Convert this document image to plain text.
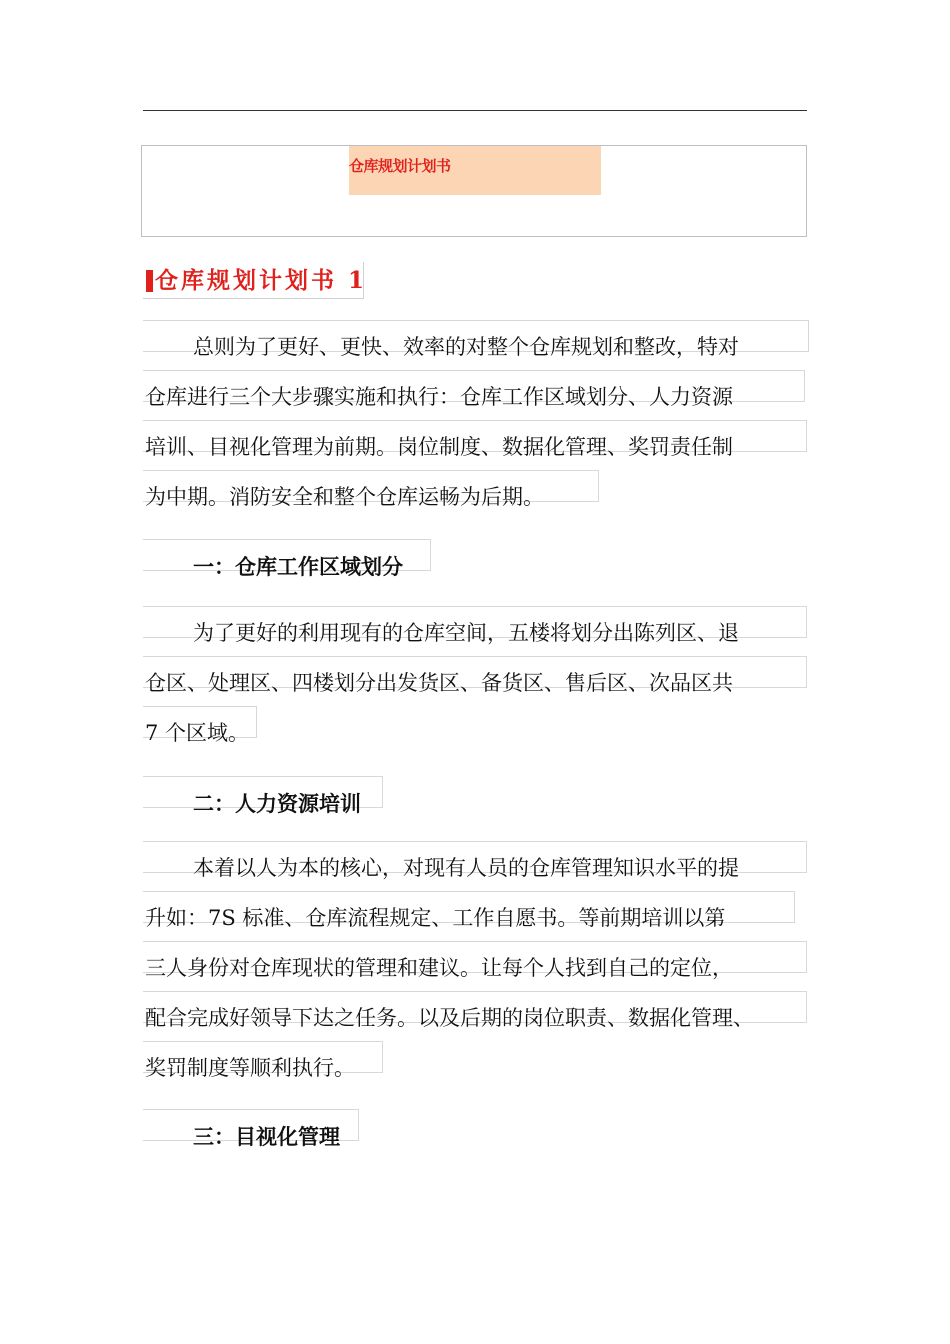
仓库规划计划书
仓库规划计划书 1
总则为了更好、更快、效率的对整个仓库规划和整改，特对
仓库进行三个大步骤实施和执行：仓库工作区域划分、人力资源
培训、目视化管理为前期。岗位制度、数据化管理、奖罚责任制
为中期。消防安全和整个仓库运畅为后期。
一：仓库工作区域划分
为了更好的利用现有的仓库空间，五楼将划分出陈列区、退
仓区、处理区、四楼划分出发货区、备货区、售后区、次品区共
7 个区域。
二：人力资源培训
本着以人为本的核心，对现有人员的仓库管理知识水平的提
升如：7S 标准、仓库流程规定、工作自愿书。等前期培训以第
三人身份对仓库现状的管理和建议。让每个人找到自己的定位，
配合完成好领导下达之任务。以及后期的岗位职责、数据化管理、
奖罚制度等顺利执行。
三：目视化管理
